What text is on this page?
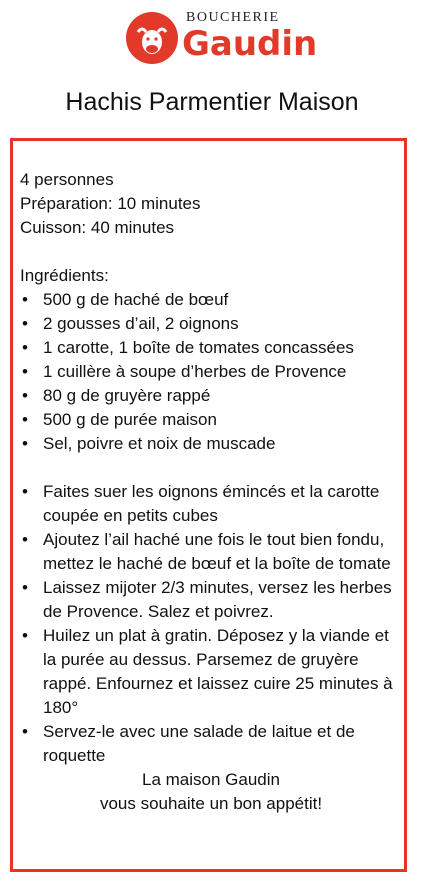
BOUCHERIE
Gaudin
Hachis Parmentier Maison
4 personnes
Préparation: 10 minutes
Cuisson: 40 minutes
Ingrédients:
• 500 g de haché de bœuf
• 2 gousses d’ail, 2 oignons
• 1 carotte, 1 boîte de tomates concassées
• 1 cuillère à soupe d’herbes de Provence
• 80 g de gruyère rappé
• 500 g de purée maison
• Sel, poivre et noix de muscade
• Faites suer les oignons émincés et la carotte coupée en petits cubes
• Ajoutez l’ail haché une fois le tout bien fondu, mettez le haché de bœuf et la boîte de tomate
• Laissez mijoter 2/3 minutes, versez les herbes de Provence. Salez et poivrez.
• Huilez un plat à gratin. Déposez y la viande et la purée au dessus. Parsemez de gruyère rappé. Enfournez et laissez cuire 25 minutes à 180°
• Servez-le avec une salade de laitue et de roquette
La maison Gaudin
vous souhaite un bon appétit!
